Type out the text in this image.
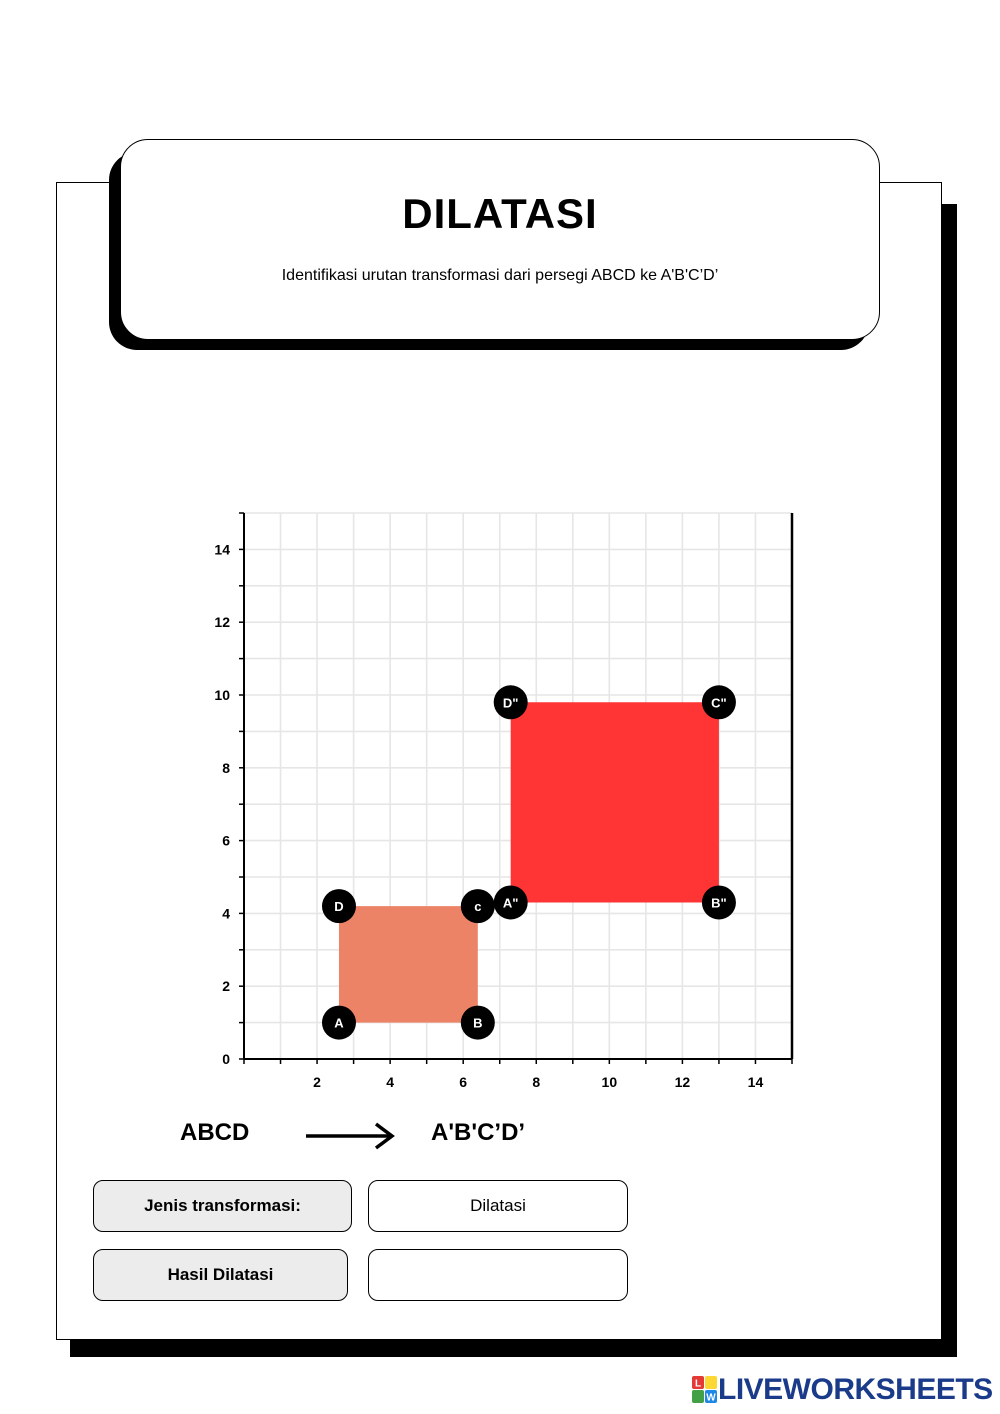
DILATASI
Identifikasi urutan transformasi dari persegi ABCD ke A'B'C’D’
2	4	6	8	10	12	14
0
2
4
6
8
10
12
14
A	B
c
D	A"	B"
C"
D"
ABCD	A'B'C’D’
Jenis transformasi:	Dilatasi
Hasil Dilatasi
L
W LIVEWORKSHEETS
